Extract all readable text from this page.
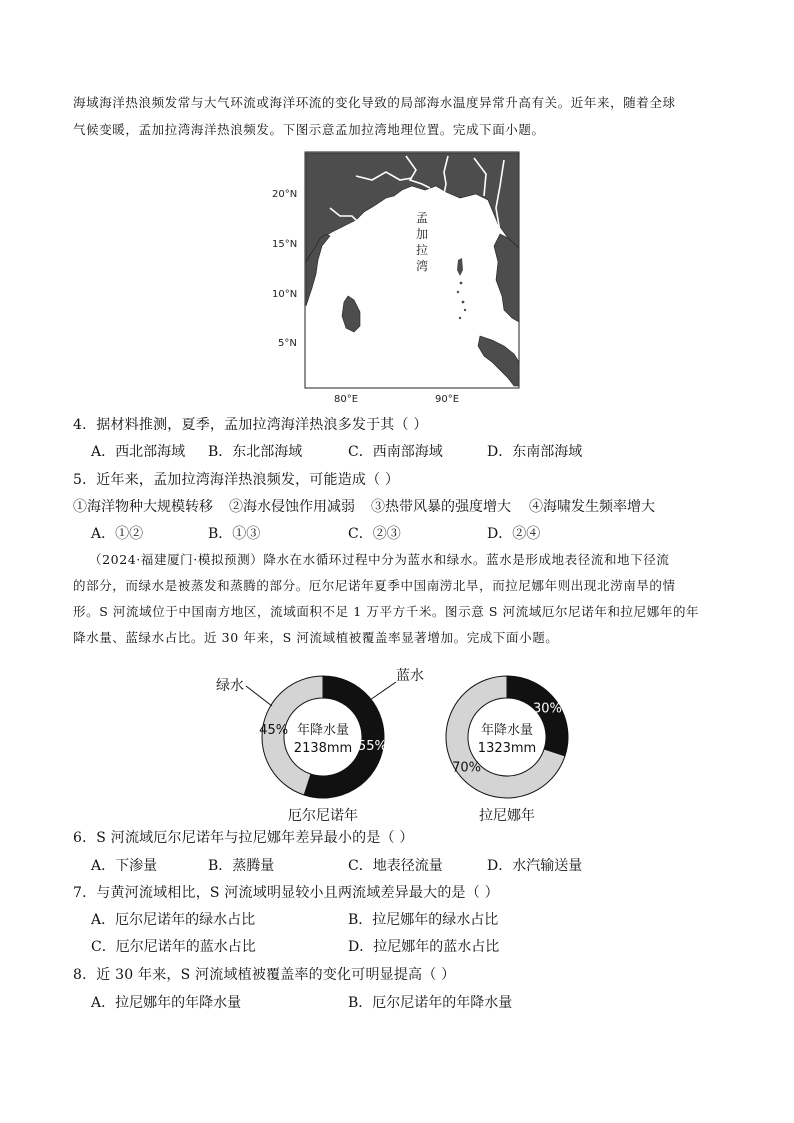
海域海洋热浪频发常与大气环流或海洋环流的变化导致的局部海水温度异常升高有关。近年来，随着全球
气候变暖，孟加拉湾海洋热浪频发。下图示意孟加拉湾地理位置。完成下面小题。
20°N
15°N
10°N
5°N
80°E	90°E
孟
加
拉
湾
4．据材料推测，夏季，孟加拉湾海洋热浪多发于其（ ）
A．西北部海域 B．东北部海域	C．西南部海域	D．东南部海域
5．近年来，孟加拉湾海洋热浪频发，可能造成（ ）
①海洋物种大规模转移 ②海水侵蚀作用减弱 ③热带风暴的强度增大 ④海啸发生频率增大
A．①②	B．①③	C．②③	D．②④
（2024·福建厦门·模拟预测）降水在水循环过程中分为蓝水和绿水。蓝水是形成地表径流和地下径流
的部分，而绿水是被蒸发和蒸腾的部分。厄尔尼诺年夏季中国南涝北旱，而拉尼娜年则出现北涝南旱的情
形。S 河流域位于中国南方地区，流域面积不足 1 万平方千米。图示意 S 河流域厄尔尼诺年和拉尼娜年的年
降水量、蓝绿水占比。近 30 年来，S 河流域植被覆盖率显著增加。完成下面小题。
55%
45% 年降水量
2138mm
厄尔尼诺年
30%
70%
年降水量
1323mm
拉尼娜年
绿水
蓝水
6．S 河流域厄尔尼诺年与拉尼娜年差异最小的是（ ）
A．下渗量	B．蒸腾量	C．地表径流量	D．水汽输送量
7．与黄河流域相比，S 河流域明显较小且两流域差异最大的是（ ）
A．厄尔尼诺年的绿水占比	B．拉尼娜年的绿水占比
C．厄尔尼诺年的蓝水占比	D．拉尼娜年的蓝水占比
8．近 30 年来，S 河流域植被覆盖率的变化可明显提高（ ）
A．拉尼娜年的年降水量	B．厄尔尼诺年的年降水量
